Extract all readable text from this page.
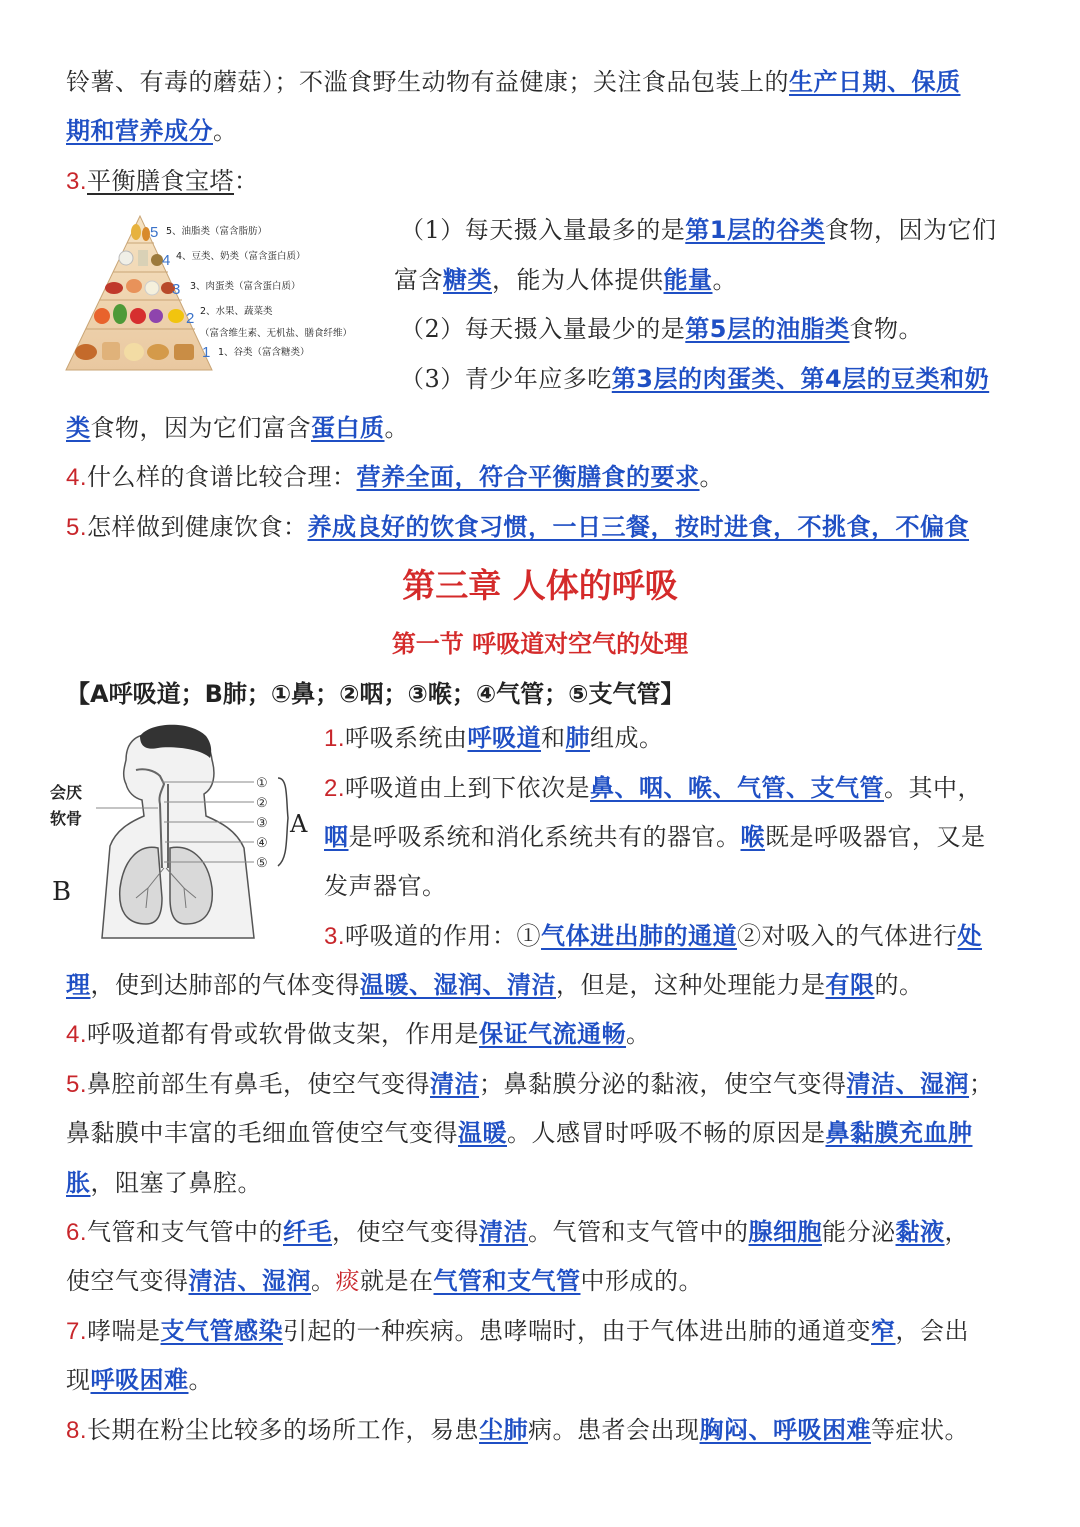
铃薯、有毒的蘑菇）；不滥食野生动物有益健康；关注食品包装上的生产日期、保质
期和营养成分。
3.平衡膳食宝塔：
5
4
3
2
1
5、油脂类（富含脂肪）
4、豆类、奶类（富含蛋白质）
3、肉蛋类（富含蛋白质）
2、水果、蔬菜类
（富含维生素、无机盐、膳食纤维）
1、谷类（富含糖类）
（1）每天摄入量最多的是第1层的谷类食物，因为它们
富含糖类，能为人体提供能量。
（2）每天摄入量最少的是第5层的油脂类食物。
（3）青少年应多吃第3层的肉蛋类、第4层的豆类和奶
类食物，因为它们富含蛋白质。
4.什么样的食谱比较合理：营养全面，符合平衡膳食的要求。
5.怎样做到健康饮食：养成良好的饮食习惯，一日三餐，按时进食，不挑食，不偏食
第三章 人体的呼吸
第一节 呼吸道对空气的处理
【A呼吸道；B肺；①鼻；②咽；③喉；④气管；⑤支气管】
①
②
③
④
⑤
A
B
会厌
软骨
1.呼吸系统由呼吸道和肺组成。
2.呼吸道由上到下依次是鼻、咽、喉、气管、支气管。其中，
咽是呼吸系统和消化系统共有的器官。喉既是呼吸器官，又是
发声器官。
3.呼吸道的作用：①气体进出肺的通道②对吸入的气体进行处
理，使到达肺部的气体变得温暖、湿润、清洁，但是，这种处理能力是有限的。
4.呼吸道都有骨或软骨做支架，作用是保证气流通畅。
5.鼻腔前部生有鼻毛，使空气变得清洁；鼻黏膜分泌的黏液，使空气变得清洁、湿润；
鼻黏膜中丰富的毛细血管使空气变得温暖。人感冒时呼吸不畅的原因是鼻黏膜充血肿
胀，阻塞了鼻腔。
6.气管和支气管中的纤毛，使空气变得清洁。气管和支气管中的腺细胞能分泌黏液，
使空气变得清洁、湿润。痰就是在气管和支气管中形成的。
7.哮喘是支气管感染引起的一种疾病。患哮喘时，由于气体进出肺的通道变窄，会出
现呼吸困难。
8.长期在粉尘比较多的场所工作，易患尘肺病。患者会出现胸闷、呼吸困难等症状。
